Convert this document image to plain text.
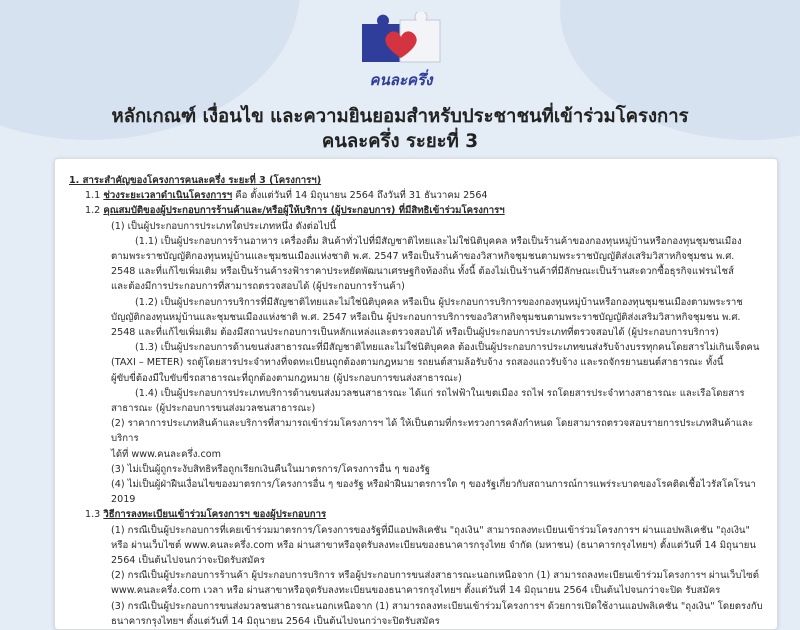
คนละครึ่ง
หลักเกณฑ์ เงื่อนไข และความยินยอมสำหรับประชาชนที่เข้าร่วมโครงการ
คนละครึ่ง ระยะที่ 3

1. สาระสำคัญของโครงการคนละครึ่ง ระยะที่ 3 (โครงการฯ)

1.1 ช่วงระยะเวลาดำเนินโครงการฯ คือ ตั้งแต่วันที่ 14 มิถุนายน 2564 ถึงวันที่ 31 ธันวาคม 2564

1.2 คุณสมบัติของผู้ประกอบการร้านค้าและ/หรือผู้ให้บริการ (ผู้ประกอบการ) ที่มีสิทธิเข้าร่วมโครงการฯ

(1) เป็นผู้ประกอบการประเภทใดประเภทหนึ่ง ดังต่อไปนี้

(1.1) เป็นผู้ประกอบการร้านอาหาร เครื่องดื่ม สินค้าทั่วไปที่มีสัญชาติไทยและไม่ใช่นิติบุคคล หรือเป็นร้านค้าของกองทุนหมู่บ้านหรือกองทุนชุมชนเมือง

ตามพระราชบัญญัติกองทุนหมู่บ้านและชุมชนเมืองแห่งชาติ พ.ศ. 2547 หรือเป็นร้านค้าของวิสาหกิจชุมชนตามพระราชบัญญัติส่งเสริมวิสาหกิจชุมชน พ.ศ.

2548 และที่แก้ไขเพิ่มเติม หรือเป็นร้านค้ารงฟ้าราคาประหยัดพัฒนาเศรษฐกิจท้องถิ่น ทั้งนี้ ต้องไม่เป็นร้านค้าที่มีลักษณะเป็นร้านสะดวกซื้อธุรกิจแฟรนไชส์

และต้องมีการประกอบการที่สามารถตรวจสอบได้ (ผู้ประกอบการร้านค้า)

(1.2) เป็นผู้ประกอบการบริการที่มีสัญชาติไทยและไม่ใช่นิติบุคคล หรือเป็น ผู้ประกอบการบริการของกองทุนหมู่บ้านหรือกองทุนชุมชนเมืองตามพระราช

บัญญัติกองทุนหมู่บ้านและชุมชนเมืองแห่งชาติ พ.ศ. 2547 หรือเป็น ผู้ประกอบการบริการของวิสาหกิจชุมชนตามพระราชบัญญัติส่งเสริมวิสาหกิจชุมชน พ.ศ.

2548 และที่แก้ไขเพิ่มเติม ต้องมีสถานประกอบการเป็นหลักแหล่งและตรวจสอบได้ หรือเป็นผู้ประกอบการประเภทที่ตรวจสอบได้ (ผู้ประกอบการบริการ)

(1.3) เป็นผู้ประกอบการด้านขนส่งสาธารณะที่มีสัญชาติไทยและไม่ใช่นิติบุคคล ต้องเป็นผู้ประกอบการประเภทขนส่งรับจ้างบรรทุกคนโดยสารไม่เกินเจ็ดคน

(TAXI – METER) รถตู้โดยสารประจำทางที่จดทะเบียนถูกต้องตามกฎหมาย รถยนต์สามล้อรับจ้าง รถสองแถวรับจ้าง และรถจักรยานยนต์สาธารณะ ทั้งนี้

ผู้ขับขี่ต้องมีใบขับขี่รถสาธารณะที่ถูกต้องตามกฎหมาย (ผู้ประกอบการขนส่งสาธารณะ)

(1.4) เป็นผู้ประกอบการประเภทบริการด้านขนส่งมวลชนสาธารณะ ได้แก่ รถไฟฟ้าในเขตเมือง รถไฟ รถโดยสารประจำทางสาธารณะ และเรือโดยสาร

สาธารณะ (ผู้ประกอบการขนส่งมวลชนสาธารณะ)

(2) ราคาการประเภทสินค้าและบริการที่สามารถเข้าร่วมโครงการฯ ได้ ให้เป็นตามที่กระทรวงการคลังกำหนด โดยสามารถตรวจสอบรายการประเภทสินค้าและบริการ

ได้ที่ www.คนละครึ่ง.com

(3) ไม่เป็นผู้ถูกระงับสิทธิหรือถูกเรียกเงินคืนในมาตรการ/โครงการอื่น ๆ ของรัฐ

(4) ไม่เป็นผู้ฝ่าฝืนเงื่อนไขของมาตรการ/โครงการอื่น ๆ ของรัฐ หรือฝ่าฝืนมาตรการใด ๆ ของรัฐเกี่ยวกับสถานการณ์การแพร่ระบาดของโรคติดเชื้อไวรัสโคโรนา

2019

1.3 วิธีการลงทะเบียนเข้าร่วมโครงการฯ ของผู้ประกอบการ

(1) กรณีเป็นผู้ประกอบการที่เคยเข้าร่วมมาตรการ/โครงการของรัฐที่มีแอปพลิเคชัน "ถุงเงิน" สามารถลงทะเบียนเข้าร่วมโครงการฯ ผ่านแอปพลิเคชัน "ถุงเงิน"

หรือ ผ่านเว็บไซต์ www.คนละครึ่ง.com หรือ ผ่านสาขาหรือจุดรับลงทะเบียนของธนาคารกรุงไทย จำกัด (มหาชน) (ธนาคารกรุงไทยฯ) ตั้งแต่วันที่ 14 มิถุนายน

2564 เป็นต้นไปจนกว่าจะปิดรับสมัคร

(2) กรณีเป็นผู้ประกอบการร้านค้า ผู้ประกอบการบริการ หรือผู้ประกอบการขนส่งสาธารณะนอกเหนือจาก (1) สามารถลงทะเบียนเข้าร่วมโครงการฯ ผ่านเว็บไซต์

www.คนละครึ่ง.com เวลา หรือ ผ่านสาขาหรือจุดรับลงทะเบียนของธนาคารกรุงไทยฯ ตั้งแต่วันที่ 14 มิถุนายน 2564 เป็นต้นไปจนกว่าจะปิด รับสมัคร

(3) กรณีเป็นผู้ประกอบการขนส่งมวลชนสาธารณะนอกเหนือจาก (1) สามารถลงทะเบียนเข้าร่วมโครงการฯ ด้วยการเปิดใช้งานแอปพลิเคชัน "ถุงเงิน" โดยตรงกับ

ธนาคารกรุงไทยฯ ตั้งแต่วันที่ 14 มิถุนายน 2564 เป็นต้นไปจนกว่าจะปิดรับสมัคร
